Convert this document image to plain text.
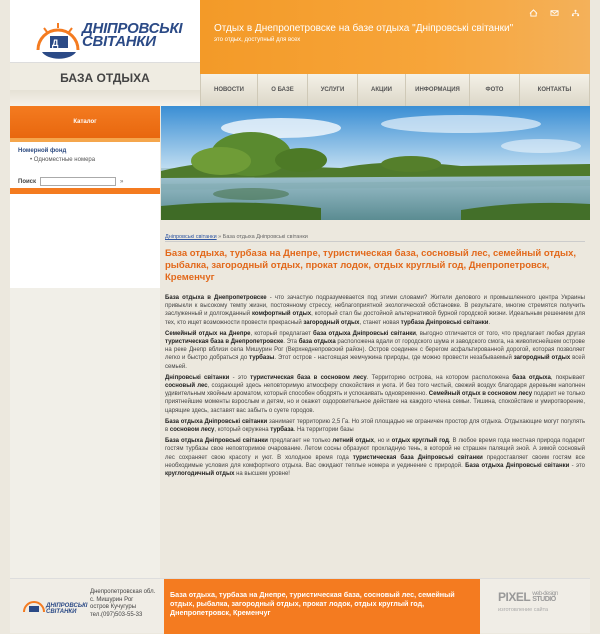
Д
ДНІПРОВСЬКІ
СВІТАНКИ
БАЗА ОТДЫХА
Отдых в Днепропетровске на базе отдыха "Дніпровські світанки"
это отдых, доступный для всех
НОВОСТИ	О БАЗЕ	УСЛУГИ	АКЦИИ	ИНФОРМАЦИЯ	ФОТО	КОНТАКТЫ
Каталог
Номерной фонд
• Одноместные номера
Поиск	»
Днiпровськi свiтанки » База отдыха Днiпровськi свiтанки
База отдыха, турбаза на Днепре, туристическая база, сосновый лес, семейный отдых, рыбалка, загородный отдых, прокат лодок, отдых круглый год, Днепропетровск, Кременчуг

База отдыха в Днепропетровске - что зачастую подразумевается под этими словами? Жители делового и промышленного центра Украины привыкли к высокому темпу жизни, постоянному стрессу, неблагоприятной экологической обстановке. В результате, многие стремятся получить заслуженный и долгожданный комфортный отдых, который стал бы достойной альтернативой бурной городской жизни. Идеальным решением для тех, кто ищет возможности провести прекрасный загородный отдых, станет новая турбаза Днiпровськi свiтанки.

Семейный отдых на Днепре, который предлагает база отдыха Днiпровськi свiтанки, выгодно отличается от того, что предлагает любая другая туристическая база в Днепропетровске. Эта база отдыха расположена вдали от городского шума и заводского смога, на живописнейшем острове на реке Днепр вблизи села Мишурин Рог (Верхнеднепровский район). Остров соединен с берегом асфальтированной дорогой, которая позволяет легко и быстро добраться до турбазы. Этот остров - настоящая жемчужина природы, где можно провести незабываемый загородный отдых всей семьей.

Днiпровськi свiтанки - это туристическая база в сосновом лесу. Территорию острова, на котором расположена база отдыха, покрывает сосновый лес, создающий здесь неповторимую атмосферу спокойствия и уюта. И без того чистый, свежий воздух благодаря деревьям наполнен удивительным хвойным ароматом, который способен ободрять и успокаивать одновременно. Семейный отдых в сосновом лесу подарит не только приятнейшие моменты взрослым и детям, но и окажет оздоровительное действие на каждого члена семьи. Тишина, спокойствие и умиротворение, царящие здесь, заставят вас забыть о суете городов.

База отдыха Днiпровськi свiтанки занимает территорию 2,5 Га. Но этой площадью не ограничен простор для отдыха. Отдыхающие могут погулять в сосновом лесу, который окружена турбаза. На территории базы

База отдыха Днiпровськi свiтанки предлагает не только летний отдых, но и отдых круглый год. В любое время года местная природа подарит гостям турбазы свое неповторимое очарование. Летом сосны образуют прохладную тень, в которой не страшен палящий зной. А зимой сосновый лес сохраняет свою красоту и уют. В холодное время года туристическая база Днiпровськi свiтанки предоставляет своим гостям все необходимые условия для комфортного отдыха. Вас ожидают теплые номера и уединение с природой. База отдыха Днiпровськi свiтанки - это круглогодичный отдых на высшем уровне!

ДНІПРОВСЬКІ
СВІТАНКИ
Днепропетровская обл.
с. Мишурин Рог
остров Кучугуры
тел.(097)503-55-33
База отдыха, турбаза на Днепре, туристическая база, сосновый лес, семейный отдых, рыбалка, загородный отдых, прокат лодок, отдых круглый год, Днепропетровск, Кременчуг
PIXEL web-design
STUDIO
изготовление сайта
